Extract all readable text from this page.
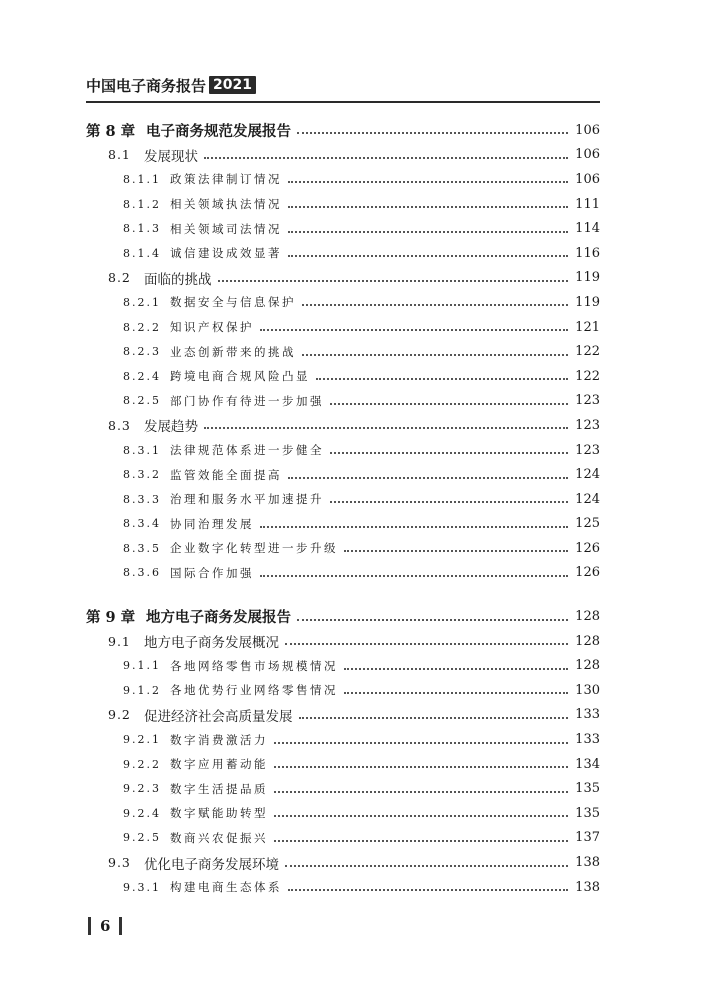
中国电子商务报告 2021
第 8 章 电子商务规范发展报告	106
8.1 发展现状	106
8.1.1 政策法律制订情况	106
8.1.2 相关领域执法情况	111
8.1.3 相关领域司法情况	114
8.1.4 诚信建设成效显著	116
8.2 面临的挑战	119
8.2.1 数据安全与信息保护	119
8.2.2 知识产权保护	121
8.2.3 业态创新带来的挑战	122
8.2.4 跨境电商合规风险凸显	122
8.2.5 部门协作有待进一步加强	123
8.3 发展趋势	123
8.3.1 法律规范体系进一步健全	123
8.3.2 监管效能全面提高	124
8.3.3 治理和服务水平加速提升	124
8.3.4 协同治理发展	125
8.3.5 企业数字化转型进一步升级	126
8.3.6 国际合作加强	126
第 9 章 地方电子商务发展报告	128
9.1 地方电子商务发展概况	128
9.1.1 各地网络零售市场规模情况	128
9.1.2 各地优势行业网络零售情况	130
9.2 促进经济社会高质量发展	133
9.2.1 数字消费激活力	133
9.2.2 数字应用蓄动能	134
9.2.3 数字生活提品质	135
9.2.4 数字赋能助转型	135
9.2.5 数商兴农促振兴	137
9.3 优化电子商务发展环境	138
9.3.1 构建电商生态体系	138
6
